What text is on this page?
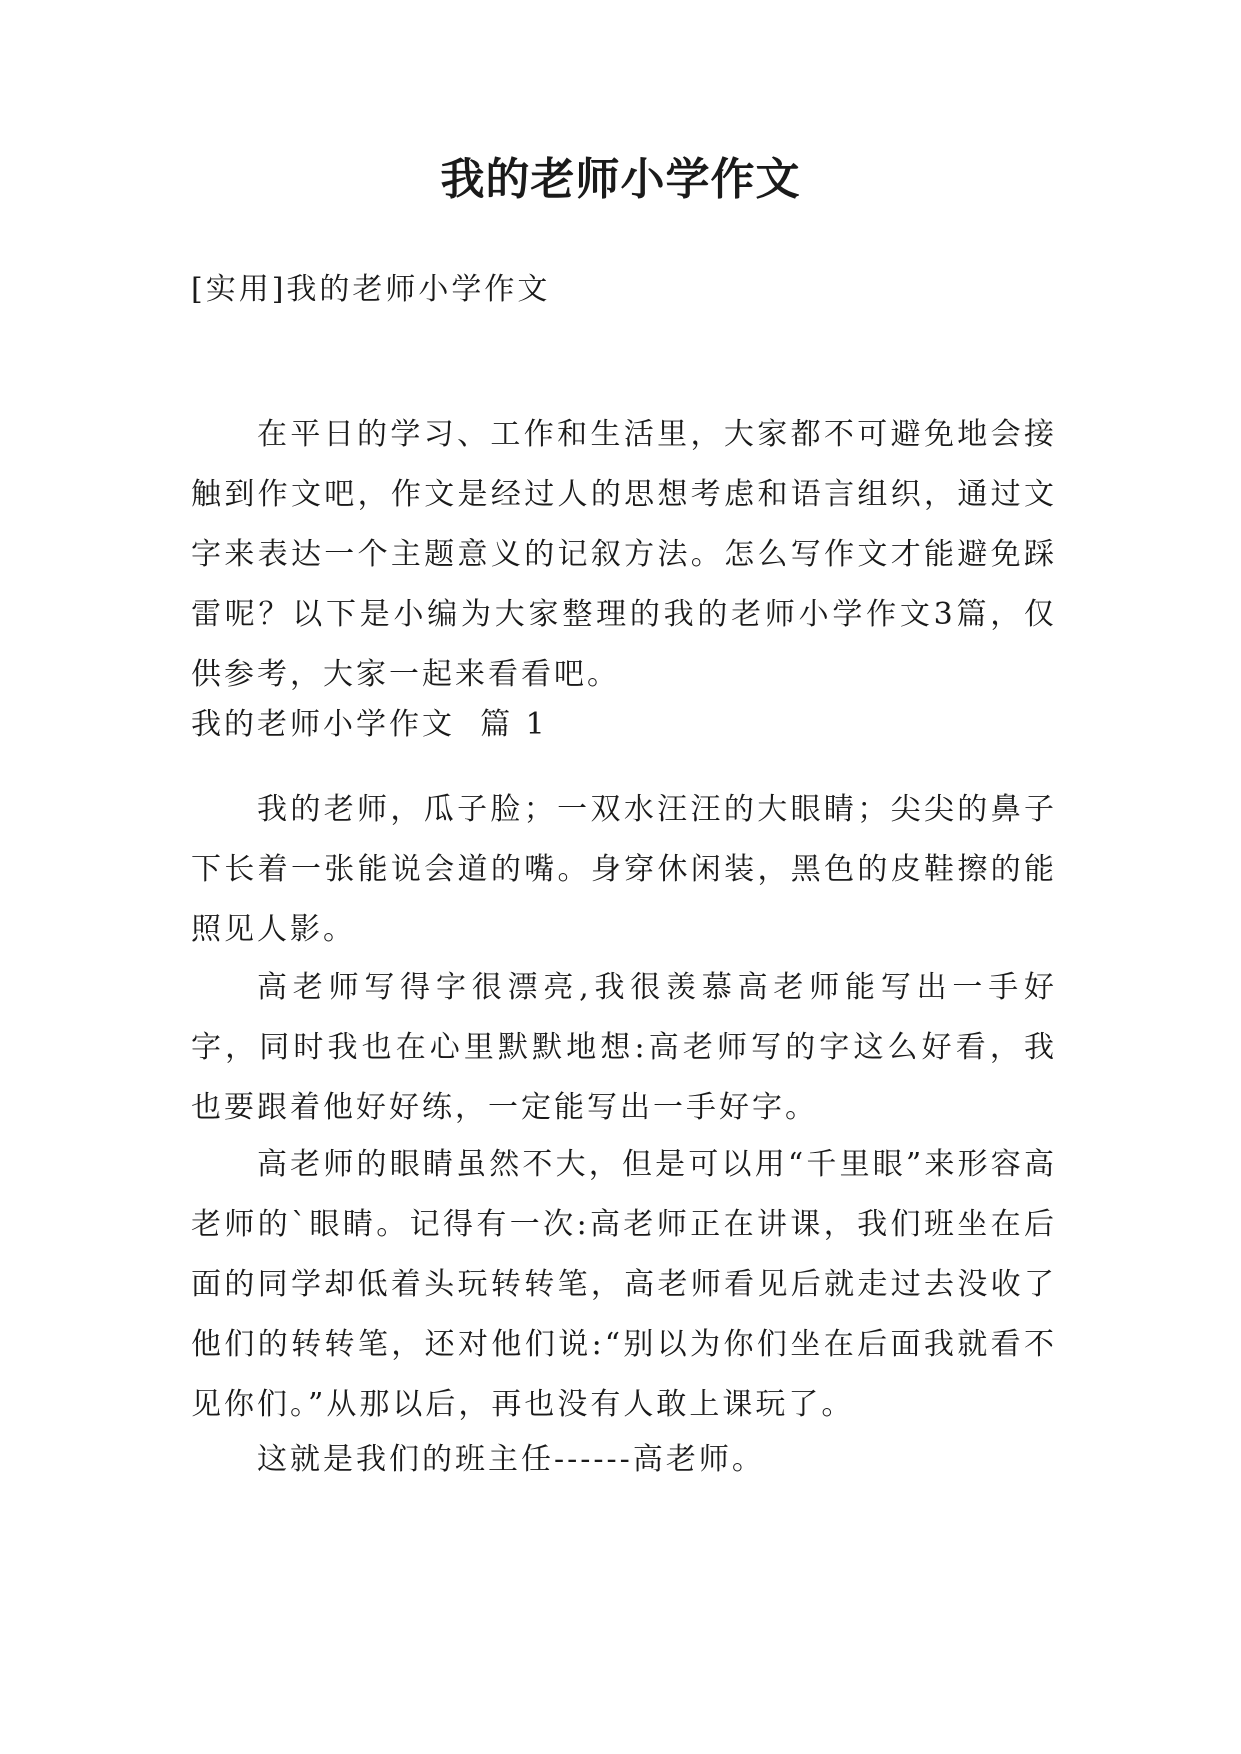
我的老师小学作文

[实用]我的老师小学作文

在平日的学习、工作和生活里，大家都不可避免地会接触到作文吧，作文是经过人的思想考虑和语言组织，通过文字来表达一个主题意义的记叙方法。怎么写作文才能避免踩雷呢？以下是小编为大家整理的我的老师小学作文3篇，仅供参考，大家一起来看看吧。

我的老师小学作文  篇 1

我的老师，瓜子脸；一双水汪汪的大眼睛；尖尖的鼻子下长着一张能说会道的嘴。身穿休闲装，黑色的皮鞋擦的能照见人影。

高老师写得字很漂亮,我很羡慕高老师能写出一手好字，同时我也在心里默默地想:高老师写的字这么好看，我也要跟着他好好练，一定能写出一手好字。

高老师的眼睛虽然不大，但是可以用“千里眼”来形容高老师的`眼睛。记得有一次:高老师正在讲课，我们班坐在后面的同学却低着头玩转转笔，高老师看见后就走过去没收了他们的转转笔，还对他们说:“别以为你们坐在后面我就看不见你们。”从那以后，再也没有人敢上课玩了。

这就是我们的班主任------高老师。
